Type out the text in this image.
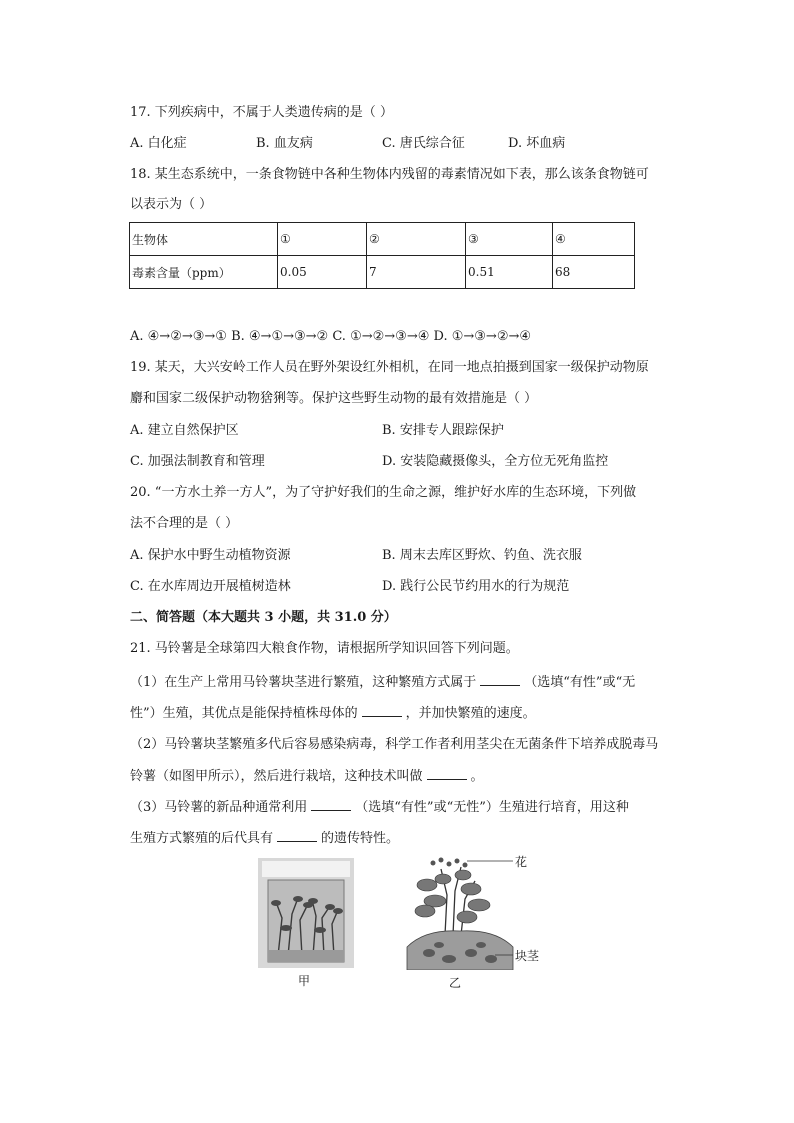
17. 下列疾病中，不属于人类遗传病的是（ ）
A. 白化症	B. 血友病	C. 唐氏综合征	D. 坏血病
18. 某生态系统中，一条食物链中各种生物体内残留的毒素情况如下表，那么该条食物链可
以表示为（ ）
生物体	①	②	③	④
毒素含量（ppm）	0.05	7	0.51	68
A. ④→②→③→① B. ④→①→③→② C. ①→②→③→④ D. ①→③→②→④
19. 某天，大兴安岭工作人员在野外架设红外相机，在同一地点拍摄到国家一级保护动物原
麝和国家二级保护动物猞猁等。保护这些野生动物的最有效措施是（ ）
A. 建立自然保护区	B. 安排专人跟踪保护
C. 加强法制教育和管理	D. 安装隐藏摄像头，全方位无死角监控
20. “一方水土养一方人”，为了守护好我们的生命之源，维护好水库的生态环境，下列做
法不合理的是（ ）
A. 保护水中野生动植物资源	B. 周末去库区野炊、钓鱼、洗衣服
C. 在水库周边开展植树造林	D. 践行公民节约用水的行为规范
二、简答题（本大题共 3 小题，共 31.0 分）
21. 马铃薯是全球第四大粮食作物，请根据所学知识回答下列问题。
（1）在生产上常用马铃薯块茎进行繁殖，这种繁殖方式属于	（选填“有性”或“无
性”）生殖，其优点是能保持植株母体的	，并加快繁殖的速度。
（2）马铃薯块茎繁殖多代后容易感染病毒，科学工作者利用茎尖在无菌条件下培养成脱毒马
铃薯（如图甲所示），然后进行栽培，这种技术叫做	。
（3）马铃薯的新品种通常利用	（选填“有性”或“无性”）生殖进行培育，用这种
生殖方式繁殖的后代具有	的遗传特性。
甲
花
块茎
乙
